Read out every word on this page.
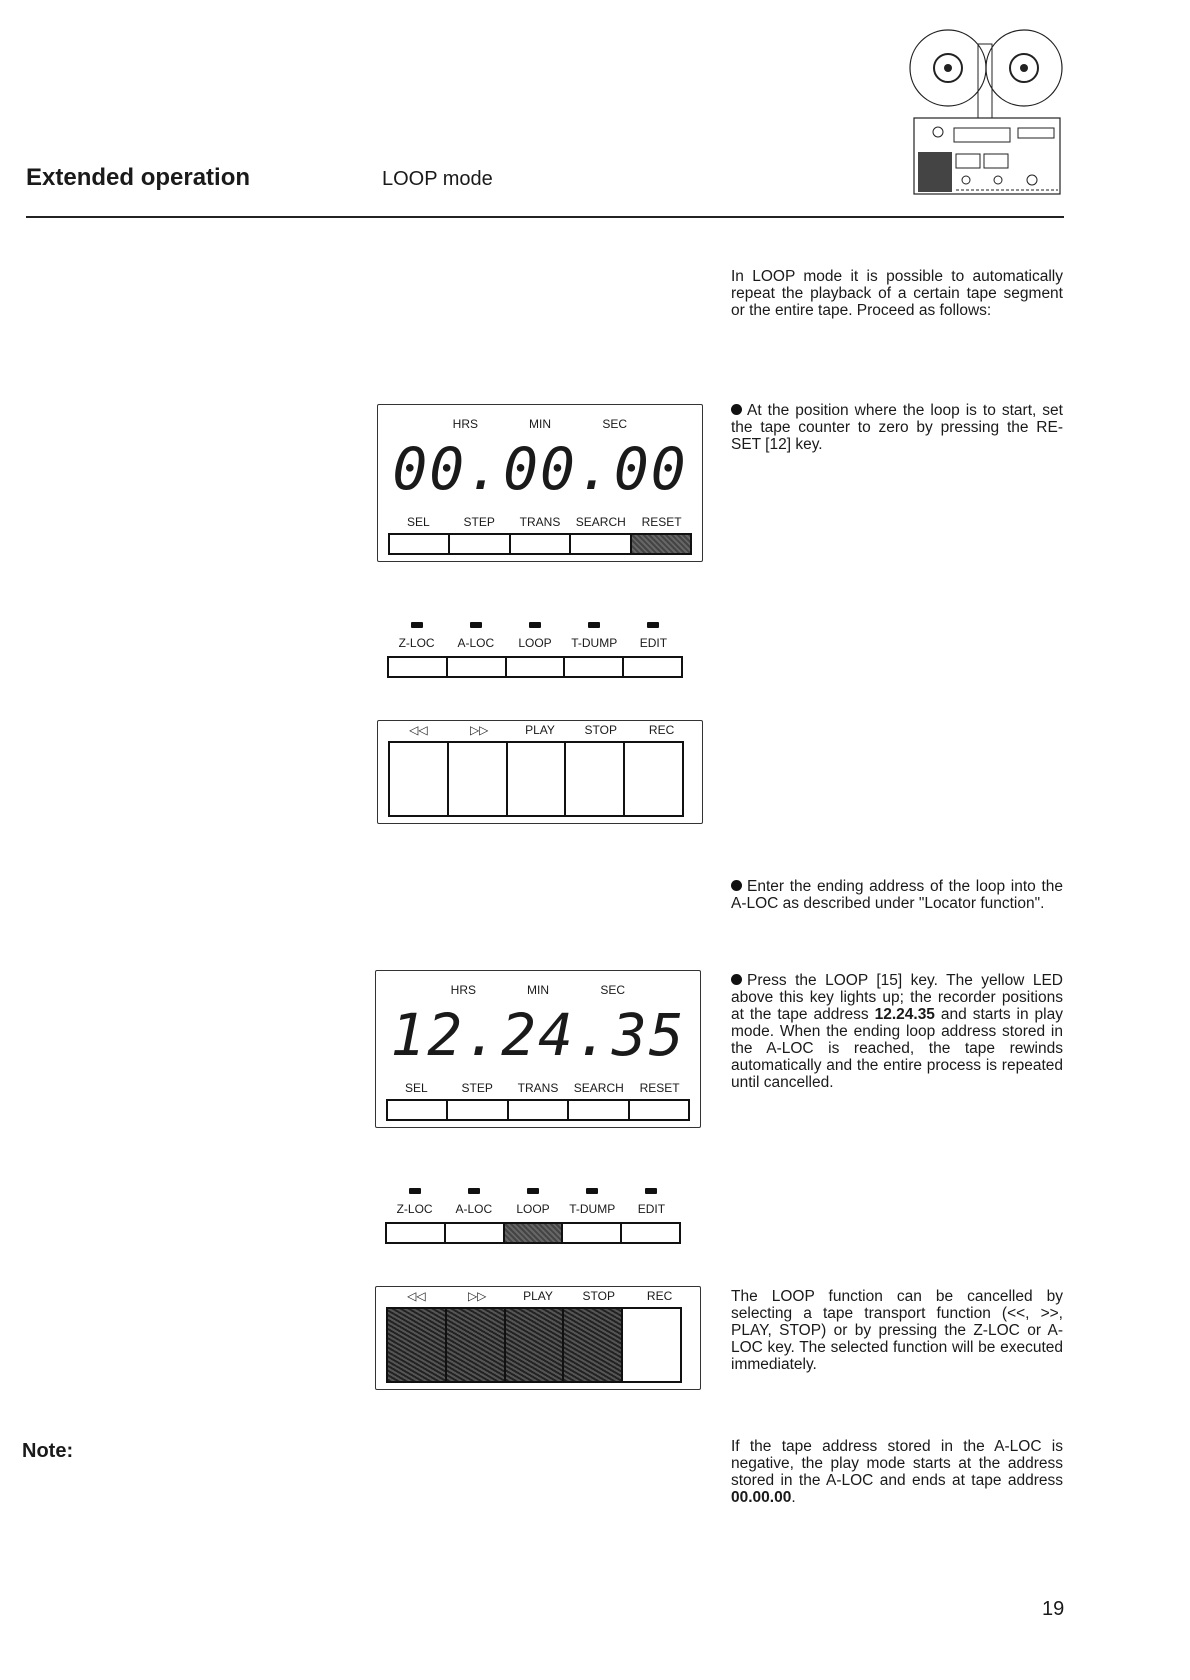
Extended operation	LOOP mode
In LOOP mode it is possible to automatically repeat the playback of a certain tape segment or the entire tape. Proceed as follows:
At the position where the loop is to start, set the tape counter to zero by pressing the RE-SET [12] key.
Enter the ending address of the loop into the A-LOC as described under "Locator function".
Press the LOOP [15] key. The yellow LED above this key lights up; the recorder positions at the tape address 12.24.35 and starts in play mode. When the ending loop address stored in the A-LOC is reached, the tape rewinds automatically and the entire process is repeated until cancelled.
The LOOP function can be cancelled by selecting a tape transport function (<<, >>, PLAY, STOP) or by pressing the Z-LOC or A-LOC key. The selected function will be executed immediately.
Note:	If the tape address stored in the A-LOC is negative, the play mode starts at the address stored in the A-LOC and ends at tape address 00.00.00.
HRS	MIN	SEC
00.00.00
SEL	STEP	TRANS	SEARCH	RESET
Z-LOC	A-LOC	LOOP	T-DUMP	EDIT
◁◁	▷▷	PLAY	STOP	REC
HRS	MIN	SEC
12.24.35
SEL	STEP	TRANS	SEARCH	RESET
Z-LOC	A-LOC	LOOP	T-DUMP	EDIT
◁◁	▷▷	PLAY	STOP	REC
19
